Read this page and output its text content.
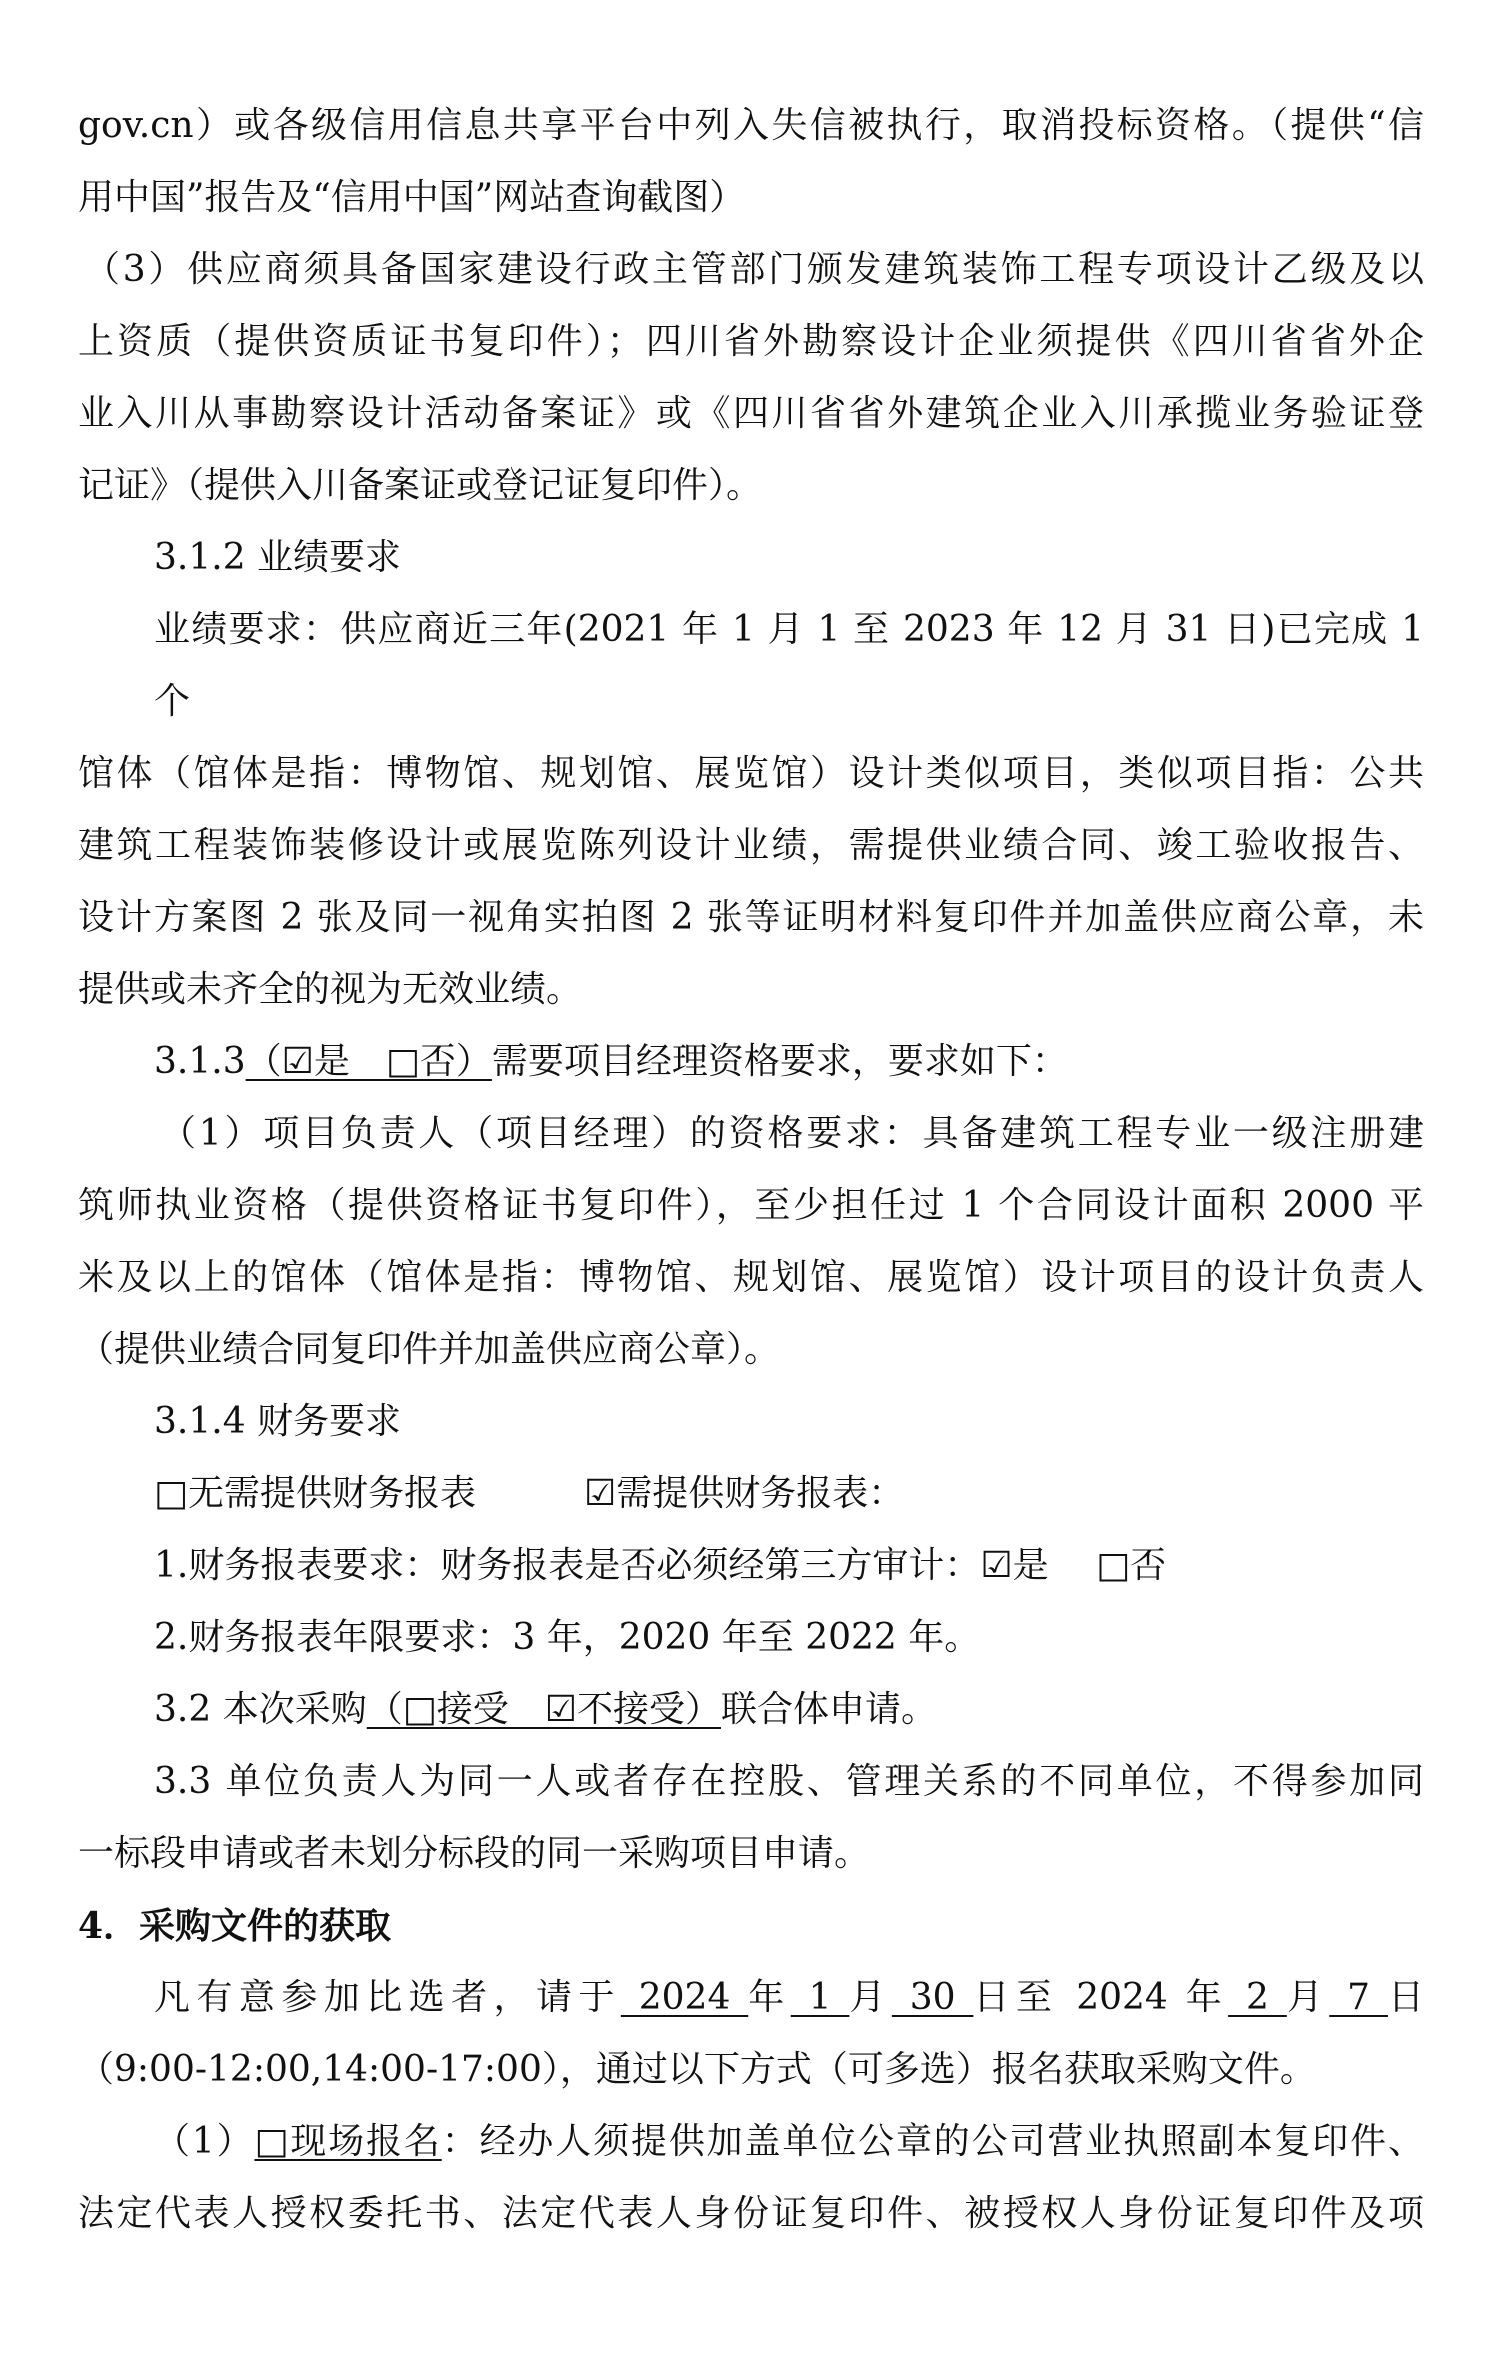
gov.cn）或各级信用信息共享平台中列入失信被执行，取消投标资格。（提供“信
用中国”报告及“信用中国”网站查询截图）
（3）供应商须具备国家建设行政主管部门颁发建筑装饰工程专项设计乙级及以
上资质（提供资质证书复印件）；四川省外勘察设计企业须提供《四川省省外企
业入川从事勘察设计活动备案证》或《四川省省外建筑企业入川承揽业务验证登
记证》（提供入川备案证或登记证复印件）。
3.1.2 业绩要求
业绩要求：供应商近三年(2021 年 1 月 1 至 2023 年 12 月 31 日)已完成 1 个
馆体（馆体是指：博物馆、规划馆、展览馆）设计类似项目，类似项目指：公共
建筑工程装饰装修设计或展览陈列设计业绩，需提供业绩合同、竣工验收报告、
设计方案图 2 张及同一视角实拍图 2 张等证明材料复印件并加盖供应商公章，未
提供或未齐全的视为无效业绩。
3.1.3（☑是　□否）需要项目经理资格要求，要求如下：
（1）项目负责人（项目经理）的资格要求：具备建筑工程专业一级注册建
筑师执业资格（提供资格证书复印件），至少担任过 1 个合同设计面积 2000 平
米及以上的馆体（馆体是指：博物馆、规划馆、展览馆）设计项目的设计负责人
（提供业绩合同复印件并加盖供应商公章）。
3.1.4 财务要求
□无需提供财务报表　　　☑需提供财务报表：
1.财务报表要求：财务报表是否必须经第三方审计：☑是　 □否
2.财务报表年限要求：3 年，2020 年至 2022 年。
3.2 本次采购（□接受　☑不接受）联合体申请。
3.3 单位负责人为同一人或者存在控股、管理关系的不同单位，不得参加同
一标段申请或者未划分标段的同一采购项目申请。
4．采购文件的获取
凡有意参加比选者，请于 2024 年 1 月 30 日至 2024 年 2 月 7 日
（9:00-12:00,14:00-17:00），通过以下方式（可多选）报名获取采购文件。
（1）□现场报名：经办人须提供加盖单位公章的公司营业执照副本复印件、
法定代表人授权委托书、法定代表人身份证复印件、被授权人身份证复印件及项
